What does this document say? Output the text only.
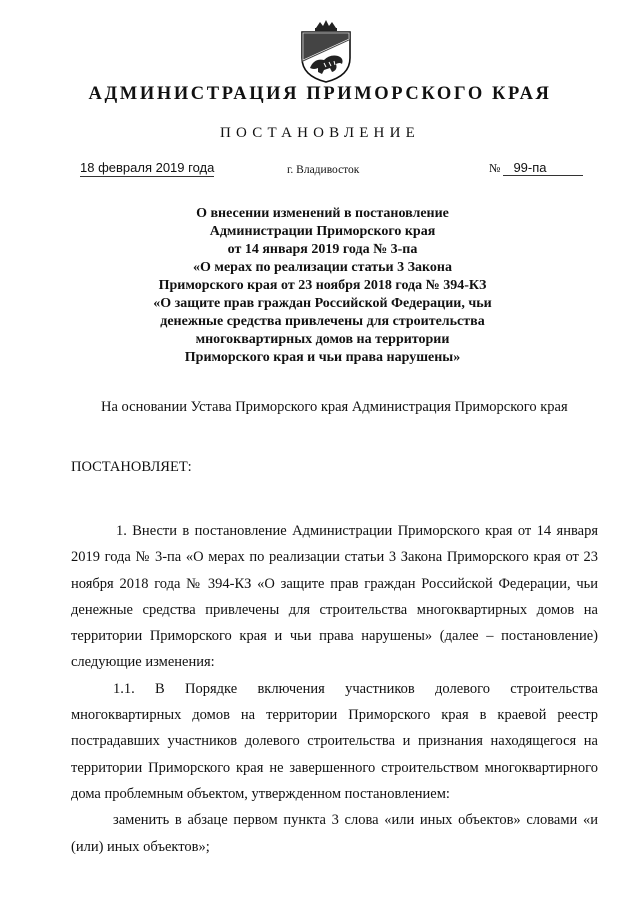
АДМИНИСТРАЦИЯ ПРИМОРСКОГО КРАЯ
ПОСТАНОВЛЕНИЕ
18 февраля 2019 года	г. Владивосток	№ 99-па
О внесении изменений в постановление
Администрации Приморского края
от 14 января 2019 года № 3-па
«О мерах по реализации статьи 3 Закона
Приморского края от 23 ноября 2018 года № 394-КЗ
«О защите прав граждан Российской Федерации, чьи
денежные средства привлечены для строительства
многоквартирных домов на территории
Приморского края и чьи права нарушены»
На основании Устава Приморского края Администрация Приморского края
ПОСТАНОВЛЯЕТ:

1. Внести в постановление Администрации Приморского края от 14 января 2019 года № 3-па «О мерах по реализации статьи 3 Закона Приморского края от 23 ноября 2018 года № 394-КЗ «О защите прав граждан Российской Федерации, чьи денежные средства привлечены для строительства многоквартирных домов на территории Приморского края и чьи права нарушены» (далее – постановление) следующие изменения:

1.1. В Порядке включения участников долевого строительства многоквартирных домов на территории Приморского края в краевой реестр пострадавших участников долевого строительства и признания находящегося на территории Приморского края не завершенного строительством многоквартирного дома проблемным объектом, утвержденном постановлением:

заменить в абзаце первом пункта 3 слова «или иных объектов» словами «и (или) иных объектов»;
